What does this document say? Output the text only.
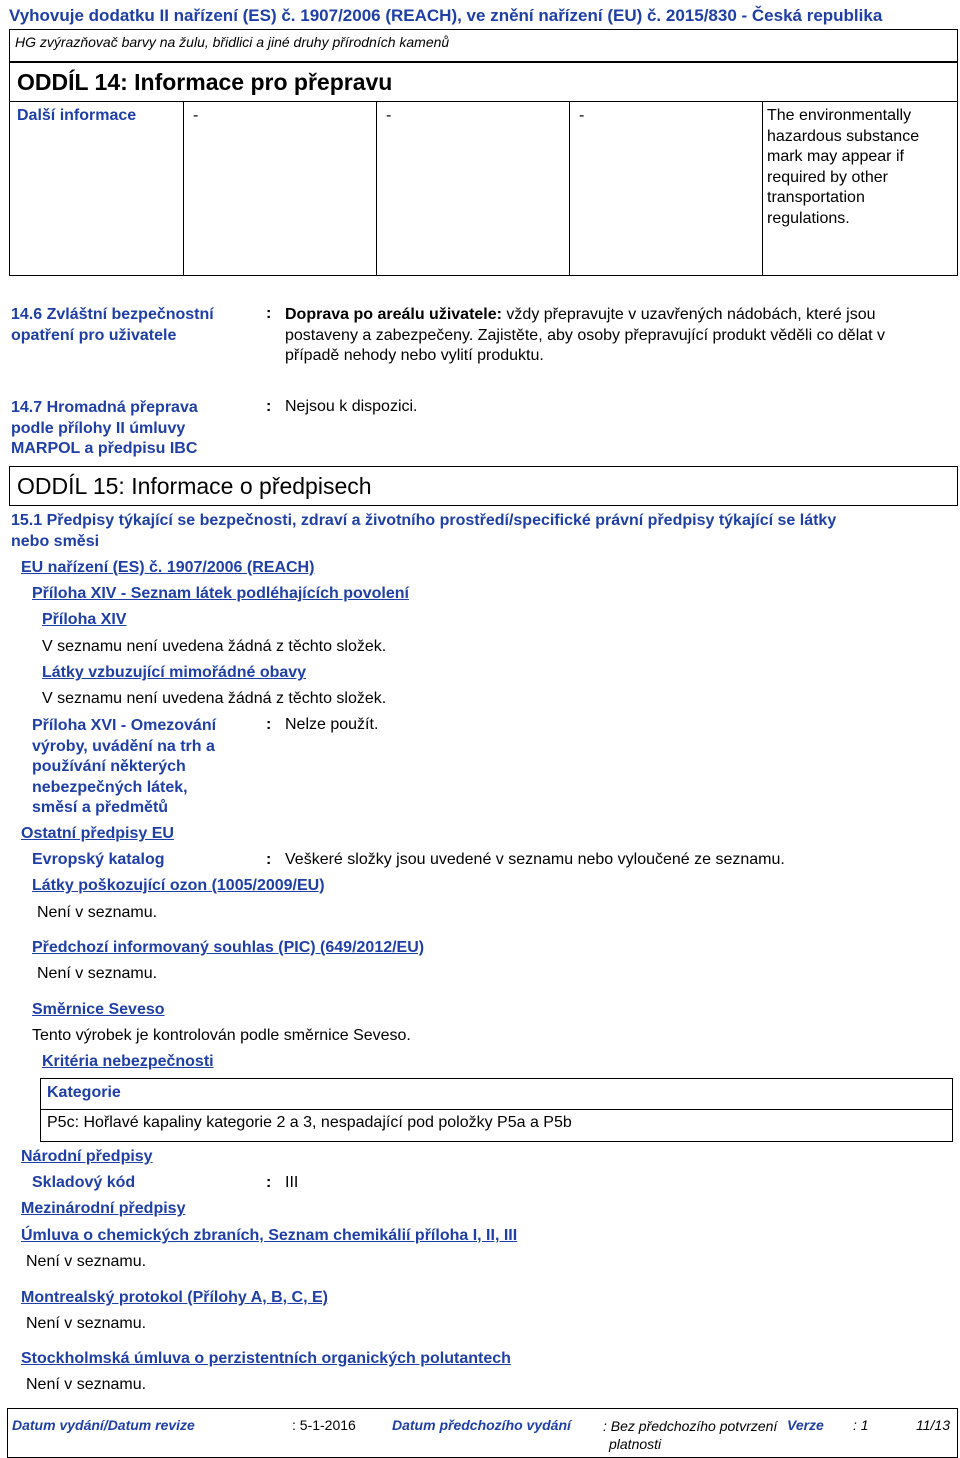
Vyhovuje dodatku II nařízení (ES) č. 1907/2006 (REACH), ve znění nařízení (EU) č. 2015/830 - Česká republika
HG zvýrazňovač barvy na žulu, břidlici a jiné druhy přírodních kamenů
ODDÍL 14: Informace pro přepravu
Další informace	-	-	-	The environmentally
hazardous substance
mark may appear if
required by other
transportation
regulations.
14.6 Zvláštní bezpečnostní
opatření pro uživatele
: Doprava po areálu uživatele: vždy přepravujte v uzavřených nádobách, které jsou
postaveny a zabezpečeny. Zajistěte, aby osoby přepravující produkt věděli co dělat v
případě nehody nebo vylití produktu.
14.7 Hromadná přeprava
podle přílohy II úmluvy
MARPOL a předpisu IBC
: Nejsou k dispozici.
ODDÍL 15: Informace o předpisech
15.1 Předpisy týkající se bezpečnosti, zdraví a životního prostředí/specifické právní předpisy týkající se látky
nebo směsi
EU nařízení (ES) č. 1907/2006 (REACH)
Příloha XIV - Seznam látek podléhajících povolení
Příloha XIV
V seznamu není uvedena žádná z těchto složek.
Látky vzbuzující mimořádné obavy
V seznamu není uvedena žádná z těchto složek.
Příloha XVI - Omezování
výroby, uvádění na trh a
používání některých
nebezpečných látek,
směsí a předmětů
: Nelze použít.
Ostatní předpisy EU
Evropský katalog	: Veškeré složky jsou uvedené v seznamu nebo vyloučené ze seznamu.
Látky poškozující ozon (1005/2009/EU)
Není v seznamu.
Předchozí informovaný souhlas (PIC) (649/2012/EU)
Není v seznamu.
Směrnice Seveso
Tento výrobek je kontrolován podle směrnice Seveso.
Kritéria nebezpečnosti
Kategorie
P5c: Hořlavé kapaliny kategorie 2 a 3, nespadající pod položky P5a a P5b
Národní předpisy
Skladový kód	: III
Mezinárodní předpisy
Úmluva o chemických zbraních, Seznam chemikálií příloha I, II, III
Není v seznamu.
Montrealský protokol (Přílohy A, B, C, E)
Není v seznamu.
Stockholmská úmluva o perzistentních organických polutantech
Není v seznamu.
Datum vydání/Datum revize	: 5-1-2016	Datum předchozího vydání : Bez předchozího potvrzení
platnosti
Verze : 1	11/13
